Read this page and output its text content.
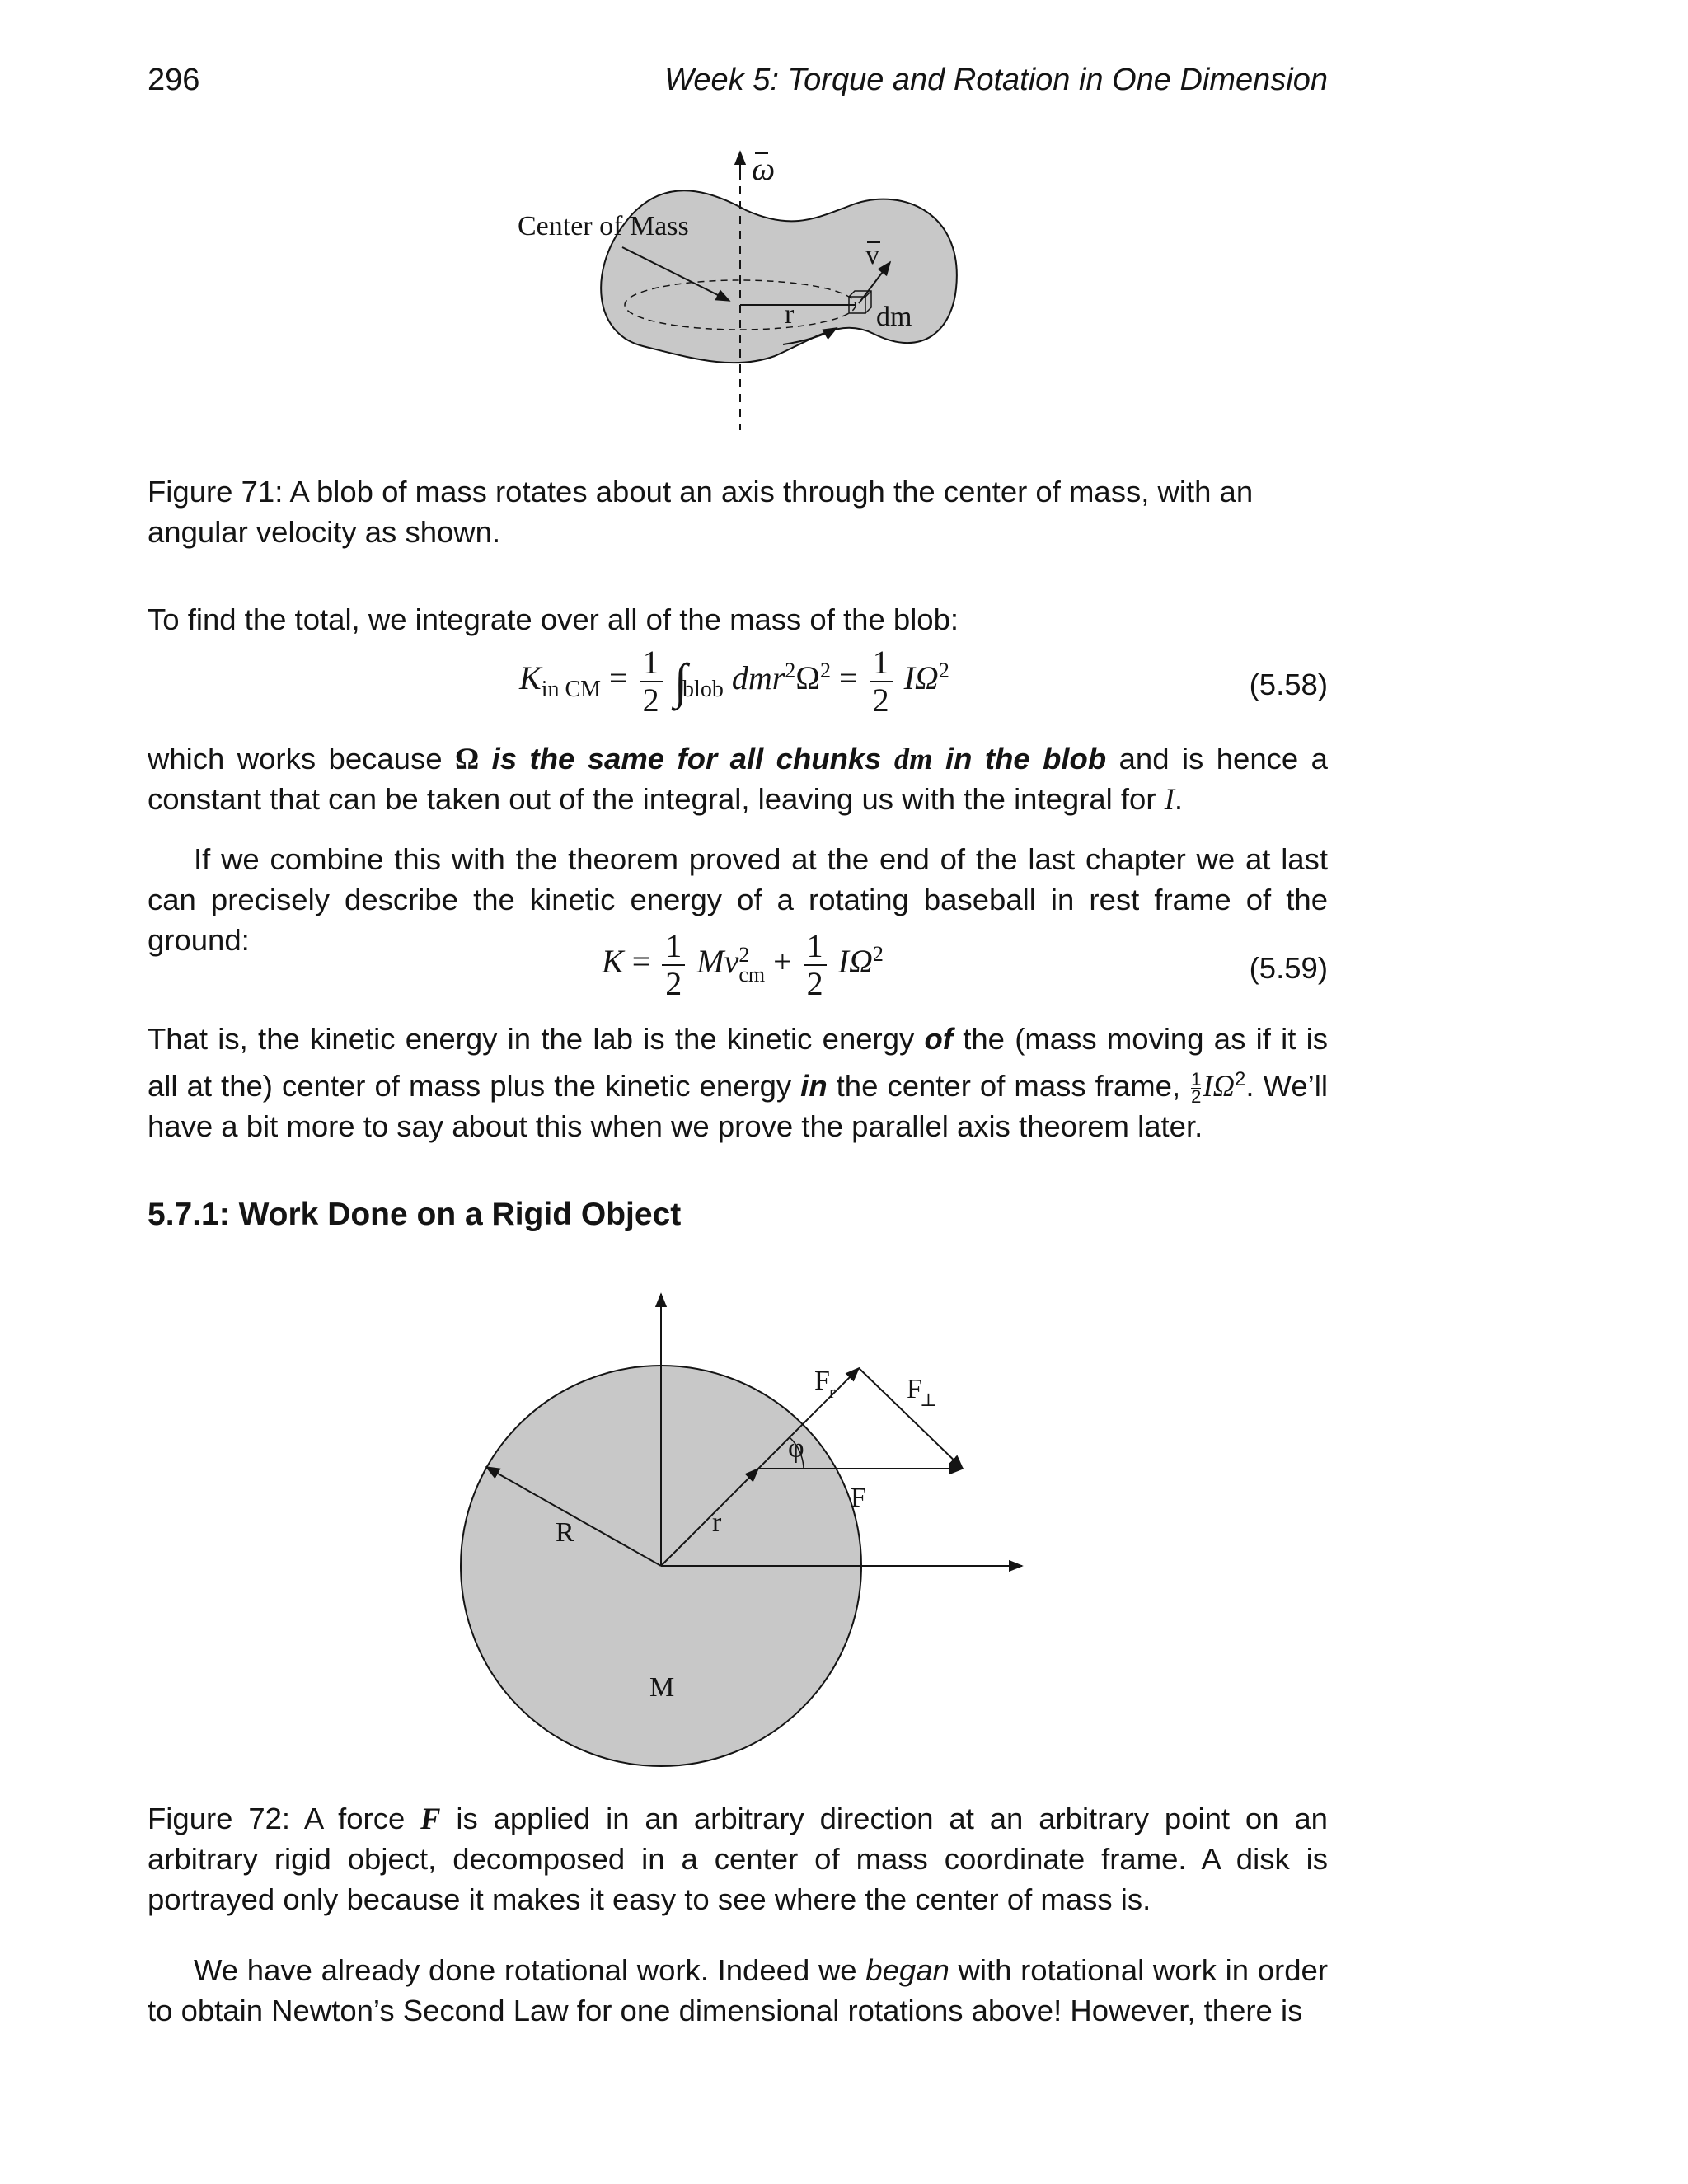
296	Week 5: Torque and Rotation in One Dimension
ω
Center of Mass
v
r	dm
Figure 71: A blob of mass rotates about an axis through the center of mass, with an angular velocity as shown.
To find the total, we integrate over all of the mass of the blob:
$K_{in CM} = \frac{1}{2} \int_{blob}$ $dmr^2\Omega^2 = \frac{1}{2} I\Omega^2$	(5.58)

which works because Ω is the same for all chunks dm in the blob and is hence a constant that can be taken out of the integral, leaving us with the integral for I.

If we combine this with the theorem proved at the end of the last chapter we at last can precisely describe the kinetic energy of a rotating baseball in rest frame of the ground:

$K = \frac{1}{2}$ Mv 2
cm + $\frac{1}{2} I\Omega^2$	(5.59)

That is, the kinetic energy in the lab is the kinetic energy of the (mass moving as if it is all at the) center of mass plus the kinetic energy in the center of mass frame, $\frac{1}{2} I\Omega^2$. We’ll have a bit more to say about this when we prove the parallel axis theorem later.

5.7.1: Work Done on a Rigid Object
F r	F
⊥
φ
F
R	r
M

Figure 72: A force F is applied in an arbitrary direction at an arbitrary point on an arbitrary rigid object, decomposed in a center of mass coordinate frame. A disk is portrayed only because it makes it easy to see where the center of mass is.

We have already done rotational work. Indeed we began with rotational work in order to obtain Newton’s Second Law for one dimensional rotations above! However, there is
